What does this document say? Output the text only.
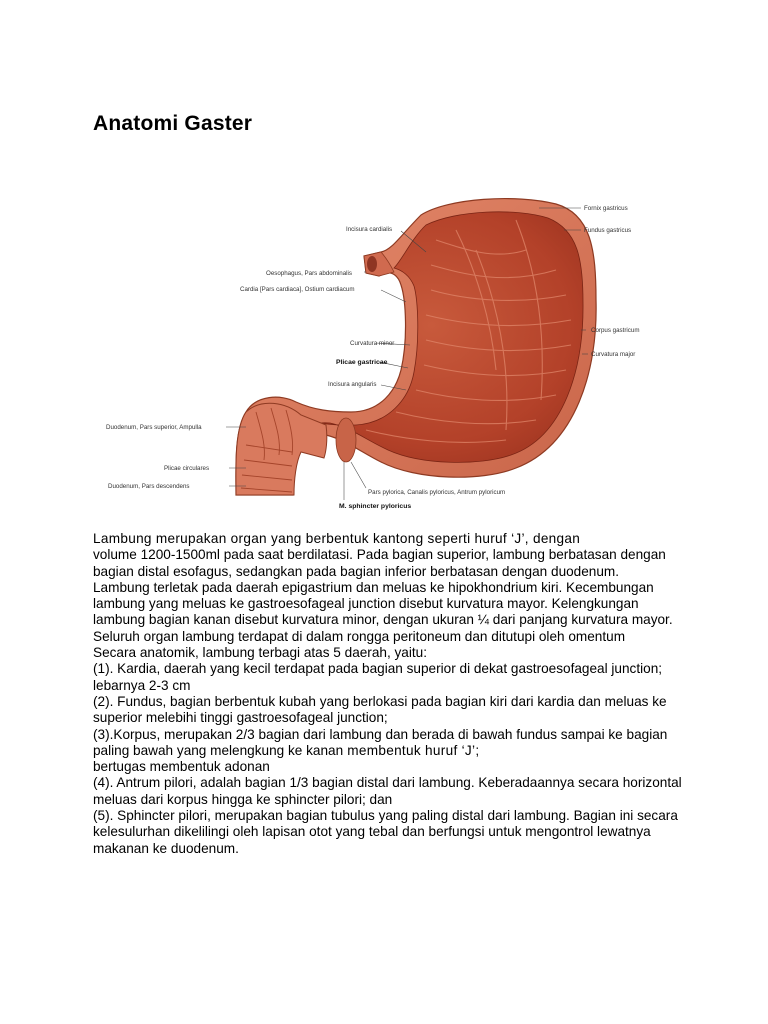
Anatomi Gaster
Fornix gastricus
Fundus gastricus
Incisura cardialis
Oesophagus, Pars abdominalis
Cardia [Pars cardiaca], Ostium cardiacum
Curvatura minor
Plicae gastricae
Incisura angularis
Corpus gastricum
Curvatura major
Duodenum, Pars superior, Ampulla
Plicae circulares
Duodenum, Pars descendens
Pars pylorica, Canalis pyloricus, Antrum pyloricum
M. sphincter pyloricus

Lambung merupakan organ yang berbentuk kantong seperti huruf ‘J’, dengan
volume 1200-1500ml pada saat berdilatasi. Pada bagian superior, lambung berbatasan dengan bagian distal esofagus, sedangkan pada bagian inferior berbatasan dengan duodenum.

Lambung terletak pada daerah epigastrium dan meluas ke hipokhondrium kiri. Kecembungan lambung yang meluas ke gastroesofageal junction disebut kurvatura mayor. Kelengkungan lambung bagian kanan disebut kurvatura minor, dengan ukuran ¼ dari panjang kurvatura mayor.

Seluruh organ lambung terdapat di dalam rongga peritoneum dan ditutupi oleh omentum

Secara anatomik, lambung terbagi atas 5 daerah, yaitu:

(1). Kardia, daerah yang kecil terdapat pada bagian superior di dekat gastroesofageal junction; lebarnya 2-3 cm

(2). Fundus, bagian berbentuk kubah yang berlokasi pada bagian kiri dari kardia dan meluas ke superior melebihi tinggi gastroesofageal junction;

(3).Korpus, merupakan 2/3 bagian dari lambung dan berada di bawah fundus sampai ke bagian paling bawah yang melengkung ke kanan membentuk huruf ‘J’;
bertugas membentuk adonan

(4). Antrum pilori, adalah bagian 1/3 bagian distal dari lambung. Keberadaannya secara horizontal meluas dari korpus hingga ke sphincter pilori; dan

(5). Sphincter pilori, merupakan bagian tubulus yang paling distal dari lambung. Bagian ini secara kelesulurhan dikelilingi oleh lapisan otot yang tebal dan berfungsi untuk mengontrol lewatnya makanan ke duodenum.
